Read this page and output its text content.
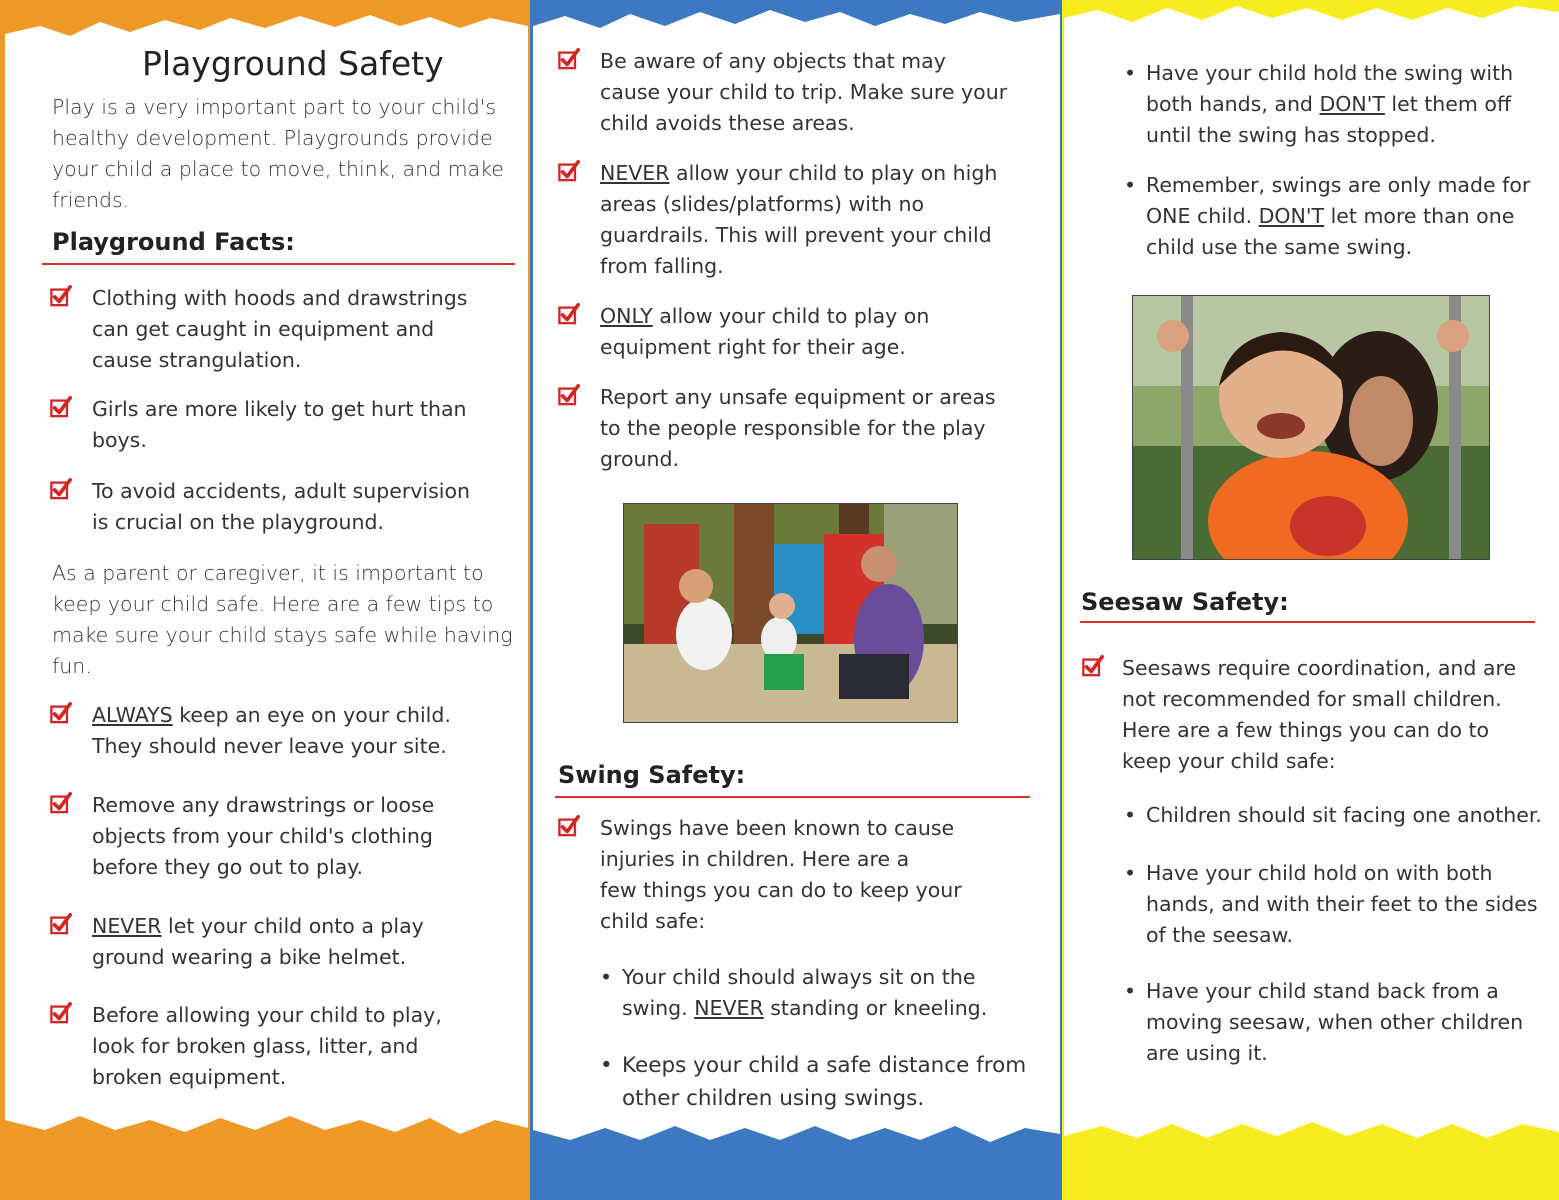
Playground Safety
Play is a very important part to your child's
healthy development. Playgrounds provide
your child a place to move, think, and make
friends.
Playground Facts:
Clothing with hoods and drawstrings
can get caught in equipment and
cause strangulation.
Girls are more likely to get hurt than
boys.
To avoid accidents, adult supervision
is crucial on the playground.
As a parent or caregiver, it is important to
keep your child safe. Here are a few tips to
make sure your child stays safe while having
fun.
ALWAYS keep an eye on your child.
They should never leave your site.
Remove any drawstrings or loose
objects from your child's clothing
before they go out to play.
NEVER let your child onto a play
ground wearing a bike helmet.
Before allowing your child to play,
look for broken glass, litter, and
broken equipment.
Be aware of any objects that may
cause your child to trip. Make sure your
child avoids these areas.
NEVER allow your child to play on high
areas (slides/platforms) with no
guardrails. This will prevent your child
from falling.
ONLY allow your child to play on
equipment right for their age.
Report any unsafe equipment or areas
to the people responsible for the play
ground.
Swing Safety:
Swings have been known to cause
injuries in children. Here are a
few things you can do to keep your
child safe:
• Your child should always sit on the
swing. NEVER standing or kneeling.
• Keeps your child a safe distance from
other children using swings.
• Have your child hold the swing with
both hands, and DON'T let them off
until the swing has stopped.
• Remember, swings are only made for
ONE child. DON'T let more than one
child use the same swing.
Seesaw Safety:
Seesaws require coordination, and are
not recommended for small children.
Here are a few things you can do to
keep your child safe:
• Children should sit facing one another.
• Have your child hold on with both
hands, and with their feet to the sides
of the seesaw.
• Have your child stand back from a
moving seesaw, when other children
are using it.
